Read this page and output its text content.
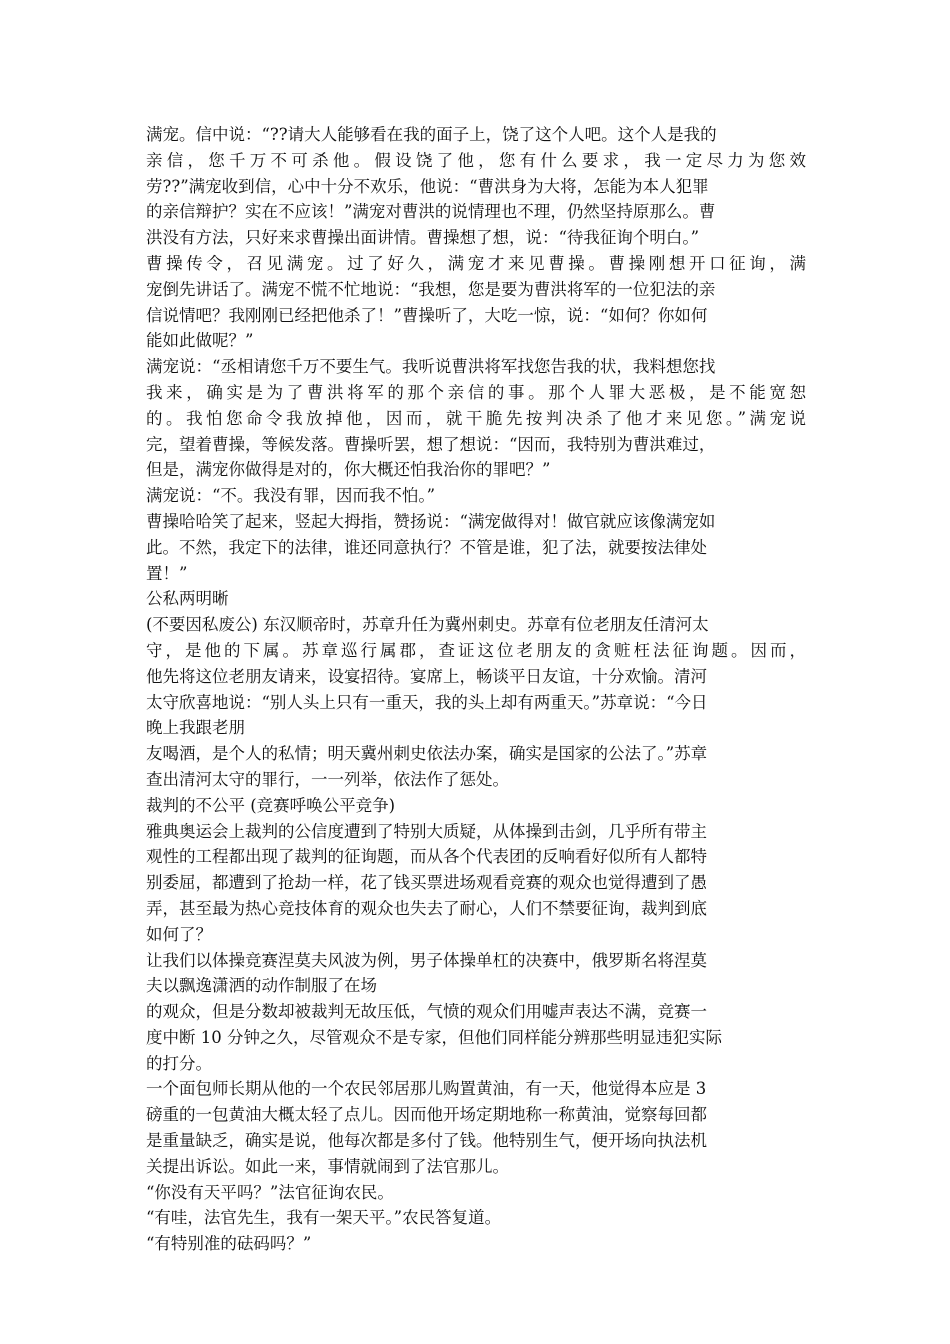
满宠。信中说：“??请大人能够看在我的面子上，饶了这个人吧。这个人是我的
亲信，您千万不可杀他。假设饶了他，您有什么要求，我一定尽力为您效
劳??”满宠收到信，心中十分不欢乐，他说：“曹洪身为大将，怎能为本人犯罪
的亲信辩护？实在不应该！”满宠对曹洪的说情理也不理，仍然坚持原那么。曹
洪没有方法，只好来求曹操出面讲情。曹操想了想，说：“待我征询个明白。”
曹操传令，召见满宠。过了好久，满宠才来见曹操。曹操刚想开口征询，满
宠倒先讲话了。满宠不慌不忙地说：“我想，您是要为曹洪将军的一位犯法的亲
信说情吧？我刚刚已经把他杀了！”曹操听了，大吃一惊，说：“如何？你如何
能如此做呢？”
满宠说：“丞相请您千万不要生气。我听说曹洪将军找您告我的状，我料想您找
我来，确实是为了曹洪将军的那个亲信的事。那个人罪大恶极，是不能宽恕
的。我怕您命令我放掉他，因而，就干脆先按判决杀了他才来见您。”满宠说
完，望着曹操，等候发落。曹操听罢，想了想说：“因而，我特别为曹洪难过，
但是，满宠你做得是对的，你大概还怕我治你的罪吧？”
满宠说：“不。我没有罪，因而我不怕。”
曹操哈哈笑了起来，竖起大拇指，赞扬说：“满宠做得对！做官就应该像满宠如
此。不然，我定下的法律，谁还同意执行？不管是谁，犯了法，就要按法律处
置！”
公私两明晰
(不要因私废公) 东汉顺帝时，苏章升任为冀州刺史。苏章有位老朋友任清河太
守，是他的下属。苏章巡行属郡，查证这位老朋友的贪赃枉法征询题。因而，
他先将这位老朋友请来，设宴招待。宴席上，畅谈平日友谊，十分欢愉。清河
太守欣喜地说：“别人头上只有一重天，我的头上却有两重天。”苏章说：“今日
晚上我跟老朋
友喝酒，是个人的私情；明天冀州刺史依法办案，确实是国家的公法了。”苏章
查出清河太守的罪行，一一列举，依法作了惩处。
裁判的不公平 (竞赛呼唤公平竞争)
雅典奥运会上裁判的公信度遭到了特别大质疑，从体操到击剑，几乎所有带主
观性的工程都出现了裁判的征询题，而从各个代表团的反响看好似所有人都特
别委屈，都遭到了抢劫一样，花了钱买票进场观看竞赛的观众也觉得遭到了愚
弄，甚至最为热心竞技体育的观众也失去了耐心，人们不禁要征询，裁判到底
如何了？
让我们以体操竞赛涅莫夫风波为例，男子体操单杠的决赛中，俄罗斯名将涅莫
夫以飘逸潇洒的动作制服了在场
的观众，但是分数却被裁判无故压低，气愤的观众们用嘘声表达不满，竞赛一
度中断 10 分钟之久，尽管观众不是专家，但他们同样能分辨那些明显违犯实际
的打分。
一个面包师长期从他的一个农民邻居那儿购置黄油，有一天，他觉得本应是 3
磅重的一包黄油大概太轻了点儿。因而他开场定期地称一称黄油，觉察每回都
是重量缺乏，确实是说，他每次都是多付了钱。他特别生气，便开场向执法机
关提出诉讼。如此一来，事情就闹到了法官那儿。
“你没有天平吗？”法官征询农民。
“有哇，法官先生，我有一架天平。”农民答复道。
“有特别准的砝码吗？”
